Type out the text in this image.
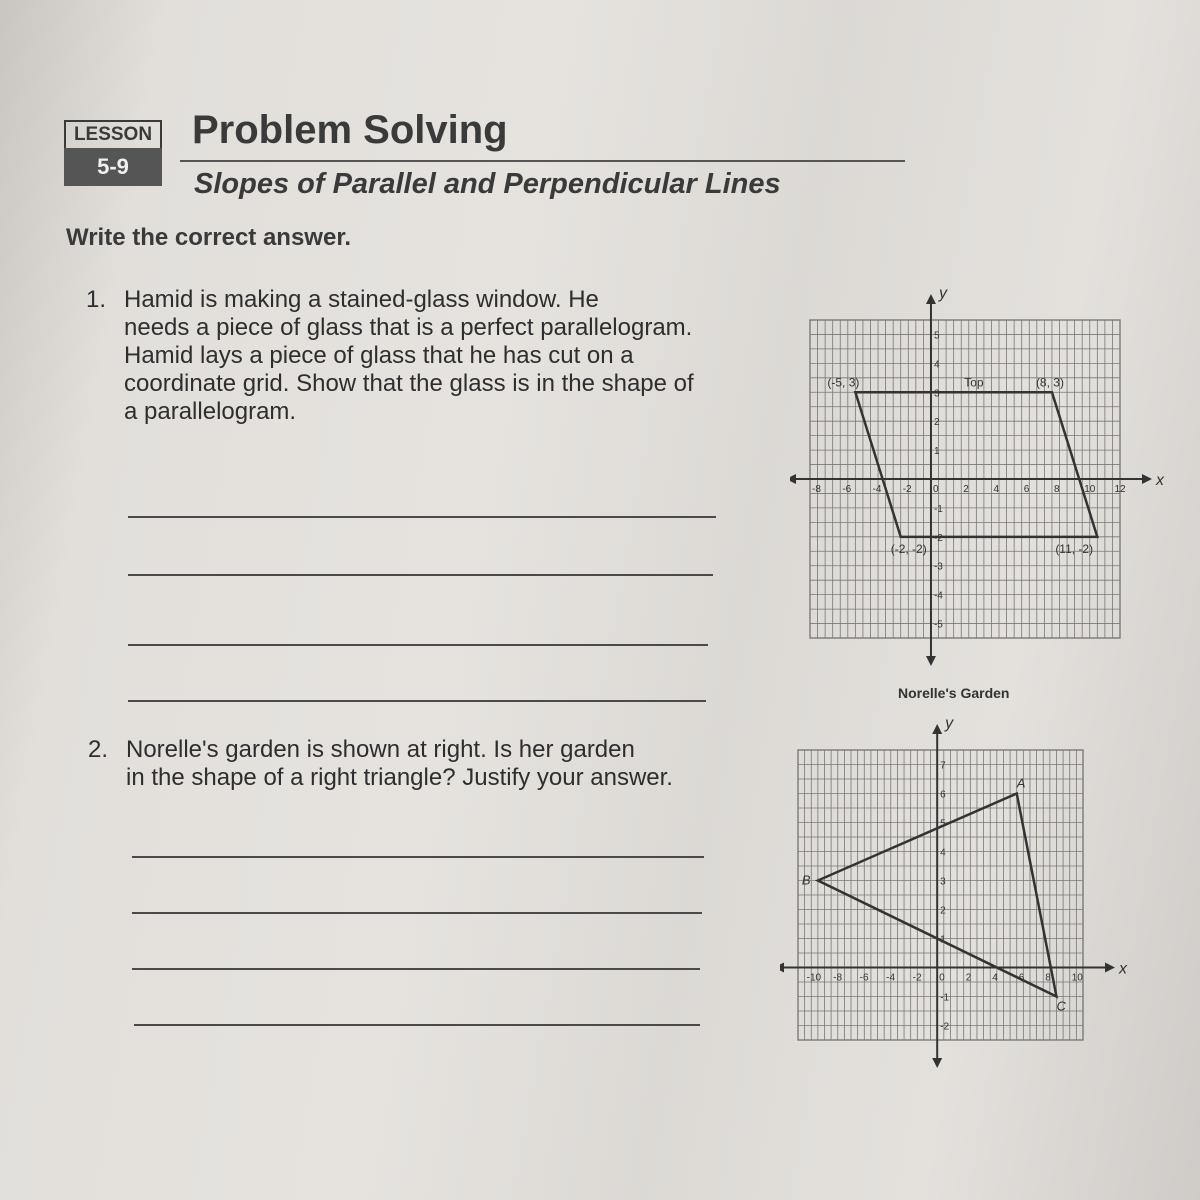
LESSON
5-9
Problem Solving
Slopes of Parallel and Perpendicular Lines
Write the correct answer.
1. Hamid is making a stained-glass window. He
needs a piece of glass that is a perfect parallelogram.
Hamid lays a piece of glass that he has cut on a
coordinate grid. Show that the glass is in the shape of
a parallelogram.
2. Norelle's garden is shown at right. Is her garden
in the shape of a right triangle? Justify your answer.
-8 -6 -4 -2 0 2 4 6 8 10 12
5
4
3
2
1
-1
-2
-3
-4
-5
(-5, 3)	(8, 3)
(-2, -2)	(11, -2)
Top
x
y
Norelle's Garden
-10 -8 -6 -4 -2 0 2 4 6 8 10
7
6
5
4
3
2
1
-1
-2
A
B
C
x
y
